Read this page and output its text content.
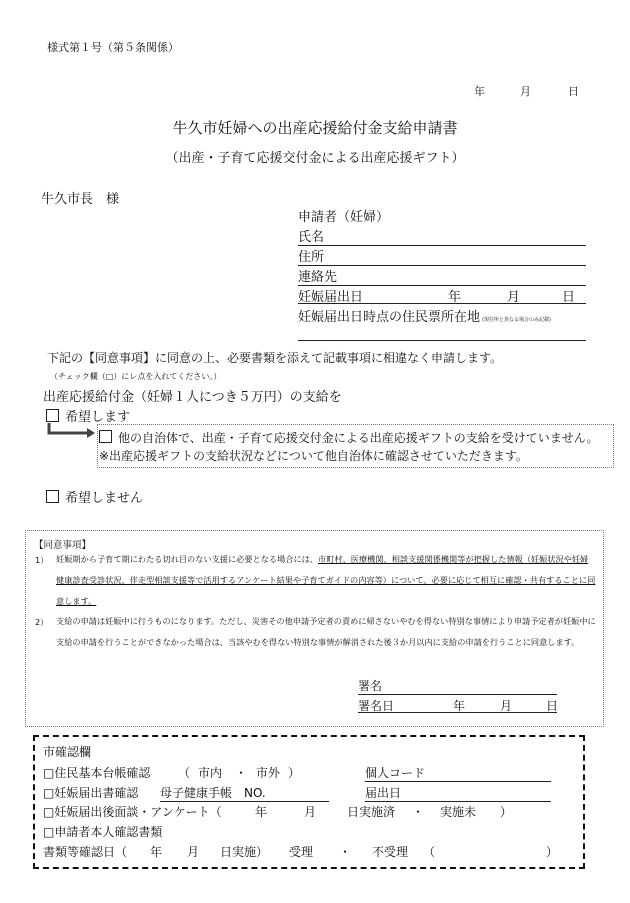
様式第１号（第５条関係）
年	月	日
牛久市妊婦への出産応援給付金支給申請書
（出産・子育て応援交付金による出産応援ギフト）
牛久市長　様
申請者（妊婦）
氏名
住所
連絡先
妊娠届出日	年	月	日
妊娠届出日時点の住民票所在地 (現住所と異なる場合のみ記載)
下記の【同意事項】に同意の上、必要書類を添えて記載事項に相違なく申請します。
（チェック欄（□）にレ点を入れてください。）
出産応援給付金（妊婦１人につき５万円）の支給を
希望します
他の自治体で、出産・子育て応援交付金による出産応援ギフトの支給を受けていません。
※出産応援ギフトの支給状況などについて他自治体に確認させていただきます。
希望しません
【同意事項】
1） 妊娠期から子育て期にわたる切れ目のない支援に必要となる場合には、市町村、医療機関、相談支援関係機関等が把握した情報（妊娠状況や妊婦健康診査受診状況、伴走型相談支援等で活用するアンケート結果や子育てガイドの内容等）について、必要に応じて相互に確認・共有することに同意します。

2） 支給の申請は妊娠中に行うものになります。ただし、災害その他申請予定者の責めに帰さないやむを得ない特別な事情により申請予定者が妊娠中に支給の申請を行うことができなかった場合は、当該やむを得ない特別な事情が解消された後３か月以内に支給の申請を行うことに同意します。

署名
署名日	年	月	日
市確認欄
□住民基本台帳確認 （ 市内 ・ 市外 ）	個人コード
□妊娠届出書確認 母子健康手帳　NO.	届出日
□妊娠届出後面談・アンケート（	年	月	日実施済 ・ 実施未 ）
□申請者本人確認書類
書類等確認日（ 年 月 日実施） 受理 ・ 不受理 （	）
